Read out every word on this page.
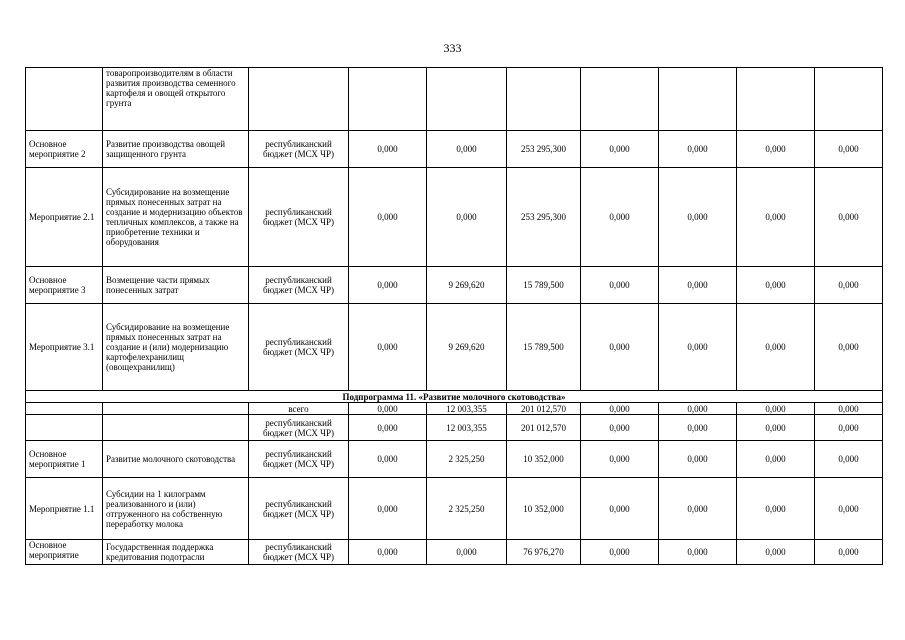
333
	товаропроизводителям в области развития производства семенного картофеля и овощей открытого грунта								
Основное мероприятие 2	Развитие производства овощей защищенного грунта	республиканский бюджет (МСХ ЧР)	0,000	0,000	253 295,300	0,000	0,000	0,000	0,000
Мероприятие 2.1	Субсидирование на возмещение прямых понесенных затрат на создание и модернизацию объектов тепличных комплексов, а также на приобретение техники и оборудования	республиканский бюджет (МСХ ЧР)	0,000	0,000	253 295,300	0,000	0,000	0,000	0,000
Основное мероприятие 3	Возмещение части прямых понесенных затрат	республиканский бюджет (МСХ ЧР)	0,000	9 269,620	15 789,500	0,000	0,000	0,000	0,000
Мероприятие 3.1	Субсидирование на возмещение прямых понесенных затрат на создание и (или) модернизацию картофелехранилищ (овощехранилищ)	республиканский бюджет (МСХ ЧР)	0,000	9 269,620	15 789,500	0,000	0,000	0,000	0,000
Подпрограмма 11. «Развитие молочного скотоводства»									
		всего	0,000	12 003,355	201 012,570	0,000	0,000	0,000	0,000
		республиканский бюджет (МСХ ЧР)	0,000	12 003,355	201 012,570	0,000	0,000	0,000	0,000
Основное мероприятие 1	Развитие молочного скотоводства	республиканский бюджет (МСХ ЧР)	0,000	2 325,250	10 352,000	0,000	0,000	0,000	0,000
Мероприятие 1.1	Субсидии на 1 килограмм реализованного и (или) отгруженного на собственную переработку молока	республиканский бюджет (МСХ ЧР)	0,000	2 325,250	10 352,000	0,000	0,000	0,000	0,000
Основное мероприятие	Государственная поддержка кредитования подотрасли	республиканский бюджет (МСХ ЧР)	0,000	0,000	76 976,270	0,000	0,000	0,000	0,000
